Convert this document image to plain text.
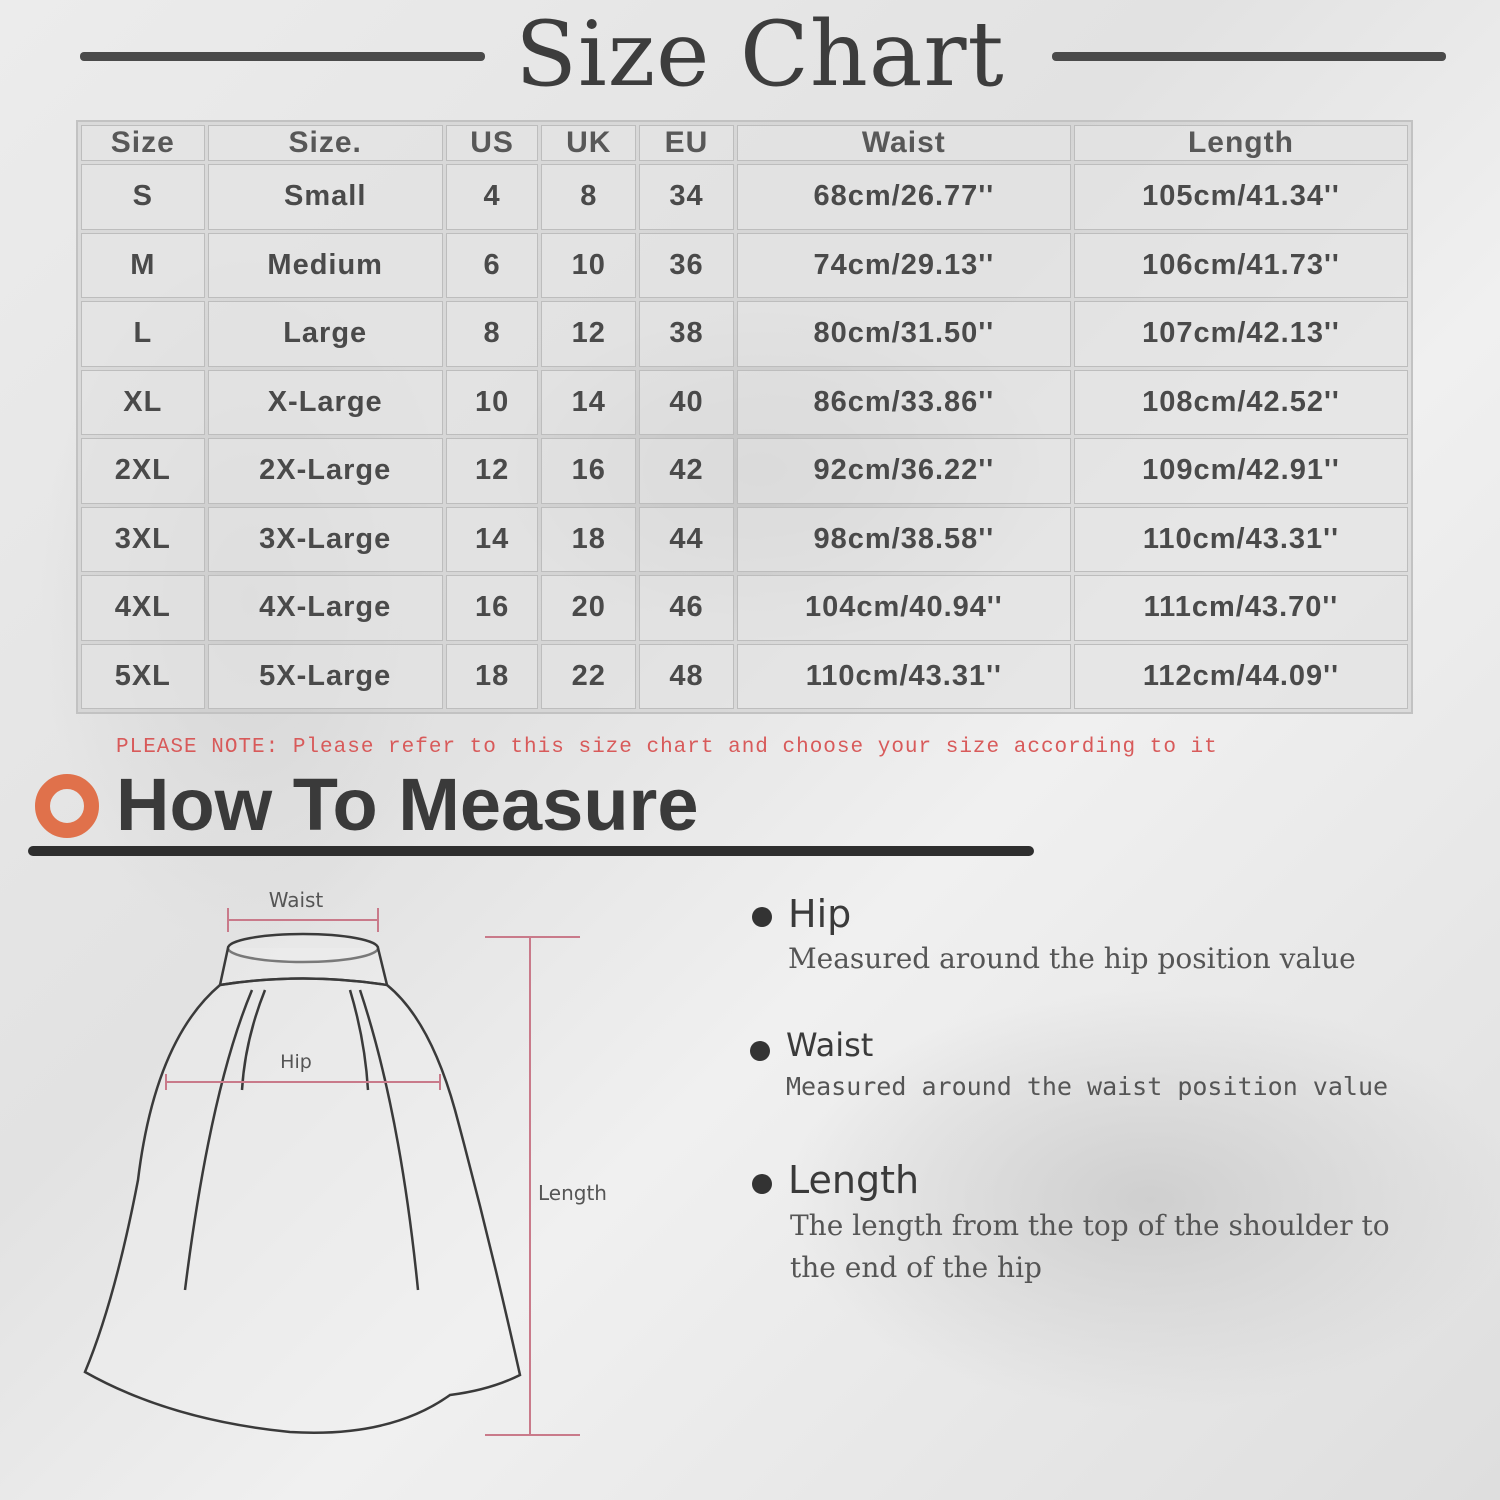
Size Chart
Size	Size.	US	UK	EU	Waist	Length
S	Small	4	8	34	68cm/26.77''	105cm/41.34''
M	Medium	6	10	36	74cm/29.13''	106cm/41.73''
L	Large	8	12	38	80cm/31.50''	107cm/42.13''
XL	X-Large	10	14	40	86cm/33.86''	108cm/42.52''
2XL	2X-Large	12	16	42	92cm/36.22''	109cm/42.91''
3XL	3X-Large	14	18	44	98cm/38.58''	110cm/43.31''
4XL	4X-Large	16	20	46	104cm/40.94''	111cm/43.70''
5XL	5X-Large	18	22	48	110cm/43.31''	112cm/44.09''
PLEASE NOTE: Please refer to this size chart and choose your size according to it
How To Measure
Waist
Hip
Length
Hip
Measured around the hip position value
Waist
Measured around the waist position value
Length
The length from the top of the shoulder to
the end of the hip
